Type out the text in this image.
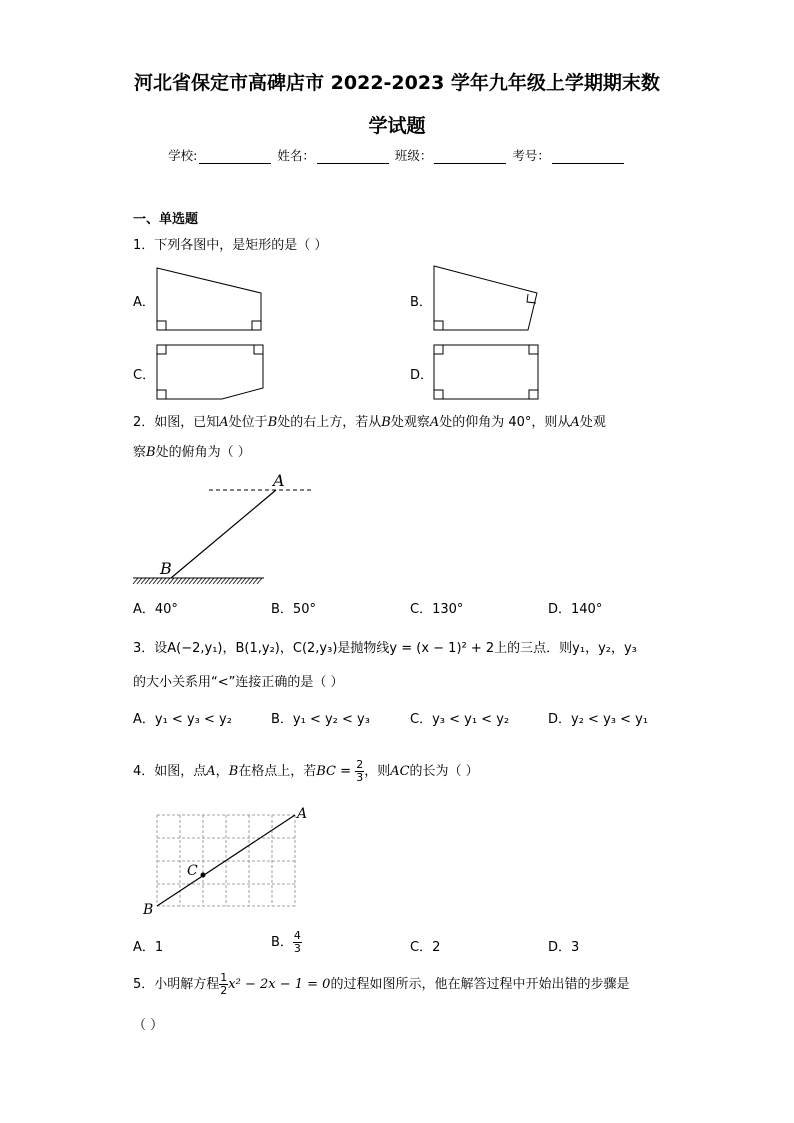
河北省保定市高碑店市 2022-2023 学年九年级上学期期末数
学试题
学校:	姓名：	班级：	考号：
一、单选题
1．下列各图中，是矩形的是（ ）
A．	B．
C．	D．
2．如图，已知A处位于B处的右上方，若从B处观察A处的仰角为 40°，则从A处观
察B处的俯角为（ ）
A
B
A．40°	B．50°	C．130°	D．140°
3．设A(−2,y₁)，B(1,y₂)，C(2,y₃)是抛物线y = (x − 1)² + 2上的三点．则y₁，y₂，y₃
的大小关系用“<”连接正确的是（ ）
A．y₁ < y₃ < y₂	B．y₁ < y₂ < y₃	C．y₃ < y₁ < y₂	D．y₂ < y₃ < y₁
4．如图，点A，B在格点上，若BC = $\frac{2}{3}$ ，则AC的长为（ ）
A
B
C
A．1	B． $\frac{4}{3}$	C．2	D．3
5．小明解方程 $\frac{1}{2} x^2 - 2x - 1 = 0$的过程如图所示，他在解答过程中开始出错的步骤是
（ ）
